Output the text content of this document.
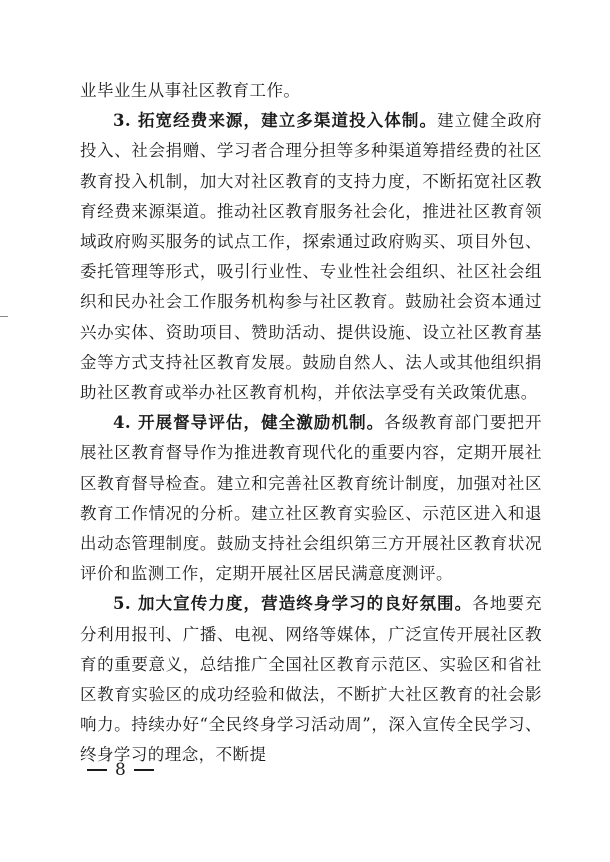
业毕业生从事社区教育工作。

3. 拓宽经费来源，建立多渠道投入体制。建立健全政府投入、社会捐赠、学习者合理分担等多种渠道筹措经费的社区教育投入机制，加大对社区教育的支持力度，不断拓宽社区教育经费来源渠道。推动社区教育服务社会化，推进社区教育领域政府购买服务的试点工作，探索通过政府购买、项目外包、委托管理等形式，吸引行业性、专业性社会组织、社区社会组织和民办社会工作服务机构参与社区教育。鼓励社会资本通过兴办实体、资助项目、赞助活动、提供设施、设立社区教育基金等方式支持社区教育发展。鼓励自然人、法人或其他组织捐助社区教育或举办社区教育机构，并依法享受有关政策优惠。

4. 开展督导评估，健全激励机制。各级教育部门要把开展社区教育督导作为推进教育现代化的重要内容，定期开展社区教育督导检查。建立和完善社区教育统计制度，加强对社区教育工作情况的分析。建立社区教育实验区、示范区进入和退出动态管理制度。鼓励支持社会组织第三方开展社区教育状况评价和监测工作，定期开展社区居民满意度测评。

5. 加大宣传力度，营造终身学习的良好氛围。各地要充分利用报刊、广播、电视、网络等媒体，广泛宣传开展社区教育的重要意义，总结推广全国社区教育示范区、实验区和省社区教育实验区的成功经验和做法，不断扩大社区教育的社会影响力。持续办好“全民终身学习活动周”，深入宣传全民学习、终身学习的理念，不断提

8
